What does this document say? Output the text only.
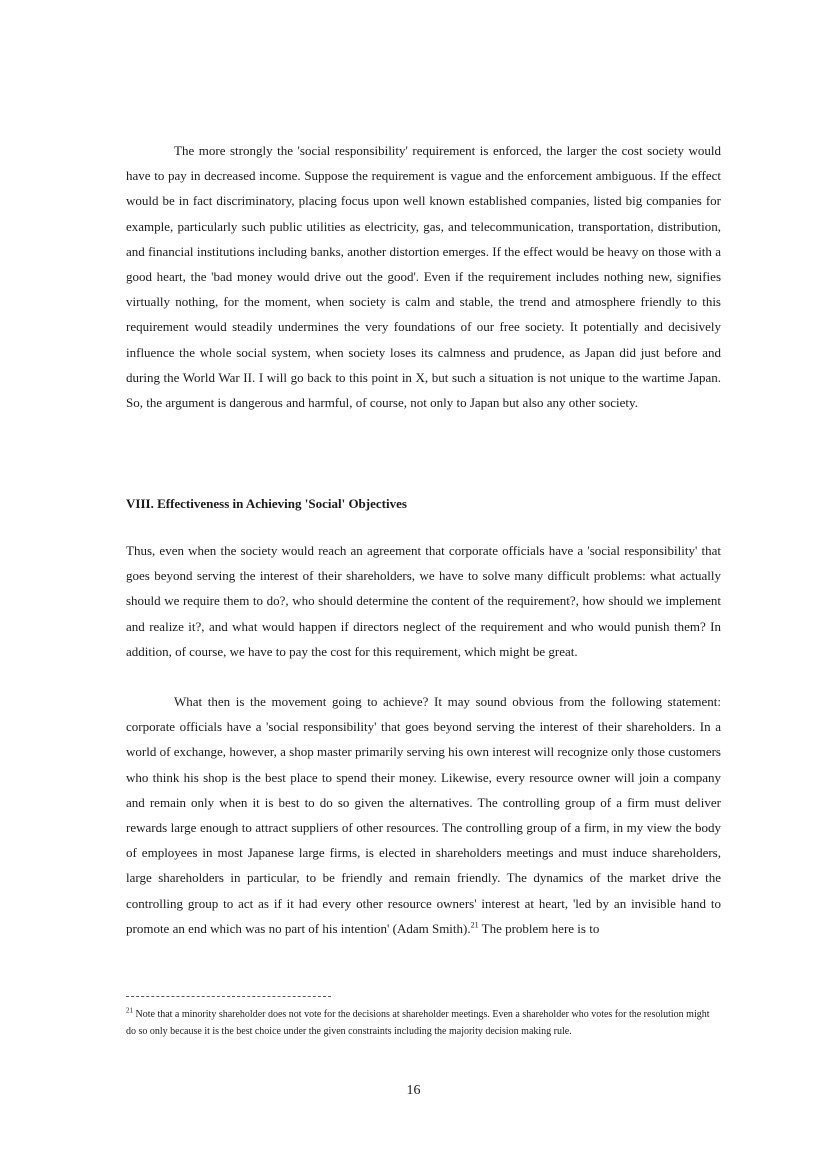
The more strongly the 'social responsibility' requirement is enforced, the larger the cost society would have to pay in decreased income. Suppose the requirement is vague and the enforcement ambiguous. If the effect would be in fact discriminatory, placing focus upon well known established companies, listed big companies for example, particularly such public utilities as electricity, gas, and telecommunication, transportation, distribution, and financial institutions including banks, another distortion emerges. If the effect would be heavy on those with a good heart, the 'bad money would drive out the good'. Even if the requirement includes nothing new, signifies virtually nothing, for the moment, when society is calm and stable, the trend and atmosphere friendly to this requirement would steadily undermines the very foundations of our free society. It potentially and decisively influence the whole social system, when society loses its calmness and prudence, as Japan did just before and during the World War II. I will go back to this point in X, but such a situation is not unique to the wartime Japan. So, the argument is dangerous and harmful, of course, not only to Japan but also any other society.
VIII. Effectiveness in Achieving 'Social' Objectives
Thus, even when the society would reach an agreement that corporate officials have a 'social responsibility' that goes beyond serving the interest of their shareholders, we have to solve many difficult problems: what actually should we require them to do?, who should determine the content of the requirement?, how should we implement and realize it?, and what would happen if directors neglect of the requirement and who would punish them? In addition, of course, we have to pay the cost for this requirement, which might be great.
What then is the movement going to achieve? It may sound obvious from the following statement: corporate officials have a 'social responsibility' that goes beyond serving the interest of their shareholders. In a world of exchange, however, a shop master primarily serving his own interest will recognize only those customers who think his shop is the best place to spend their money. Likewise, every resource owner will join a company and remain only when it is best to do so given the alternatives. The controlling group of a firm must deliver rewards large enough to attract suppliers of other resources. The controlling group of a firm, in my view the body of employees in most Japanese large firms, is elected in shareholders meetings and must induce shareholders, large shareholders in particular, to be friendly and remain friendly. The dynamics of the market drive the controlling group to act as if it had every other resource owners' interest at heart, 'led by an invisible hand to promote an end which was no part of his intention' (Adam Smith).$^{21}$ The problem here is to
$^{21}$ Note that a minority shareholder does not vote for the decisions at shareholder meetings. Even a shareholder who votes for the resolution might do so only because it is the best choice under the given constraints including the majority decision making rule.
16
